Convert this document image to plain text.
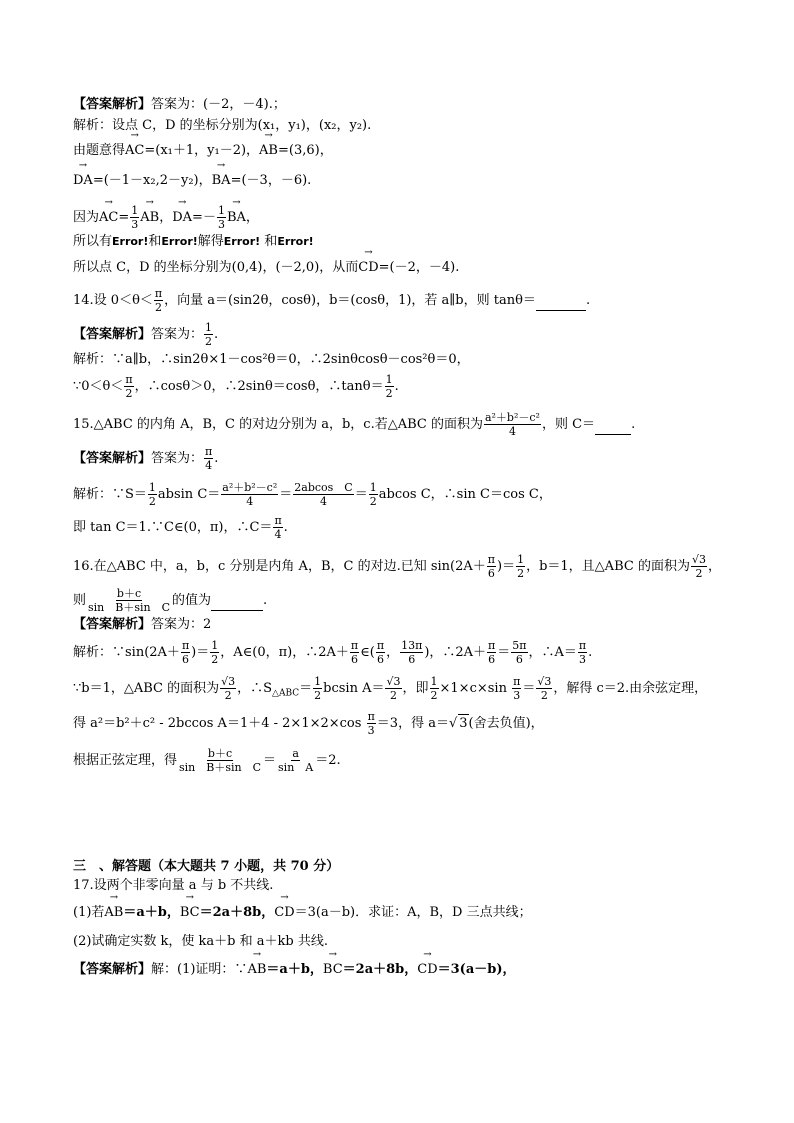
【答案解析】答案为：(－2，－4).；
解析：设点 C，D 的坐标分别为(x₁，y₁)，(x₂，y₂).
由题意得→ AC=(x₁＋1，y₁－2)，→ AB=(3,6)，
→ DA=(－1－x₂,2－y₂)，→ BA=(－3，－6).
因为→ $AC= \frac{1}{3}$ → AB，→ $DA=- \frac{1}{3}$ → BA，
所以有Error!和Error!解得Error! 和Error!
所以点 C，D 的坐标分别为(0,4)，(－2,0)，从而→ CD=(－2，－4).
14.设 $0<\theta< \frac{\pi}{2}$ ，向量 a＝(sin2θ，cosθ)，b＝(cosθ，1)，若 a∥b，则 tanθ＝	.
【答案解析】答案为： $\frac{1}{2}$ .
解析：∵a∥b，∴sin2θ×1－cos²θ＝0，∴2sinθcosθ－cos²θ＝0，
∵0＜θ＜ $\frac{\pi}{2}$ ，∴cosθ＞0，∴2sinθ＝cosθ，∴tanθ＝ $\frac{1}{2}$ .
15.△ABC 的内角 A，B，C 的对边分别为 a，b，c.若△ABC 的面积为 $\frac{\text{a²＋b²－c²}}{4}$ ，则 C＝	.
【答案解析】答案为： $\frac{\pi}{4}$ .
解析：∵S＝ $\frac{1}{2}$ absin $C= \frac{\text{a²＋b²－c²}}{4} = \frac{\text{2abcos　C}}{4} = \frac{1}{2}$ abcos C，∴sin C＝cos C，
即 tan C＝1.∵C∈(0，π)，∴C＝ $\frac{\pi}{4}$ .
16.在△ABC 中，a，b，c 分别是内角 A，B，C 的对边.已知 $\sin(2A+ \frac{\pi}{6}$ )＝ $\frac{1}{2}$ ，b＝1，且△ABC 的面积为 $\frac{√3}{2}$ ，
则 $\frac{b+c}{\text{sin　B＋sin　C}}$ 的值为	.
【答案解析】答案为：2
解析：∵sin(2A＋ $\frac{\pi}{6}$ )＝ $\frac{1}{2}$ ，A∈(0，π)，∴2A＋ $\frac{\pi}{6}$ ∈( $\frac{\pi}{6}$ ， $\frac{13\pi}{6}$ )，∴2A＋ $\frac{\pi}{6} = \frac{5\pi}{6}$ ，∴A＝ $\frac{\pi}{3}$ .
∵b＝1，△ABC 的面积为 $\frac{√3}{2}$ ，$\therefore S_{\triangle ABC}= \frac{1}{2}$ bcsin $A= \frac{√3}{2}$ ，即 $\frac{1}{2} \times 1\times c\times\sin \frac{\pi}{3} = \frac{√3}{2}$ ，解得 c＝2.由余弦定理，
得 a²＝b²＋c² - 2bccos $A=1+4 - 2\times 1\times 2\times\cos \frac{\pi}{3} =3$，得 a＝√ 3(舍去负值)，
根据正弦定理，得 $\frac{b+c}{\text{sin　B＋sin　C}} = \frac{a}{\text{sin　A}} =2$.
三　、解答题（本大题共 7 小题，共 70 分）
17.设两个非零向量 a 与 b 不共线.
(1)若→ AB＝a＋b，→ BC＝2a＋8b，→ CD＝3(a－b)．求证：A，B，D 三点共线；
(2)试确定实数 k，使 ka＋b 和 a＋kb 共线.
【答案解析】解：(1)证明：∵→ AB＝a＋b，→ BC＝2a＋8b，→ CD＝3(a－b)，
